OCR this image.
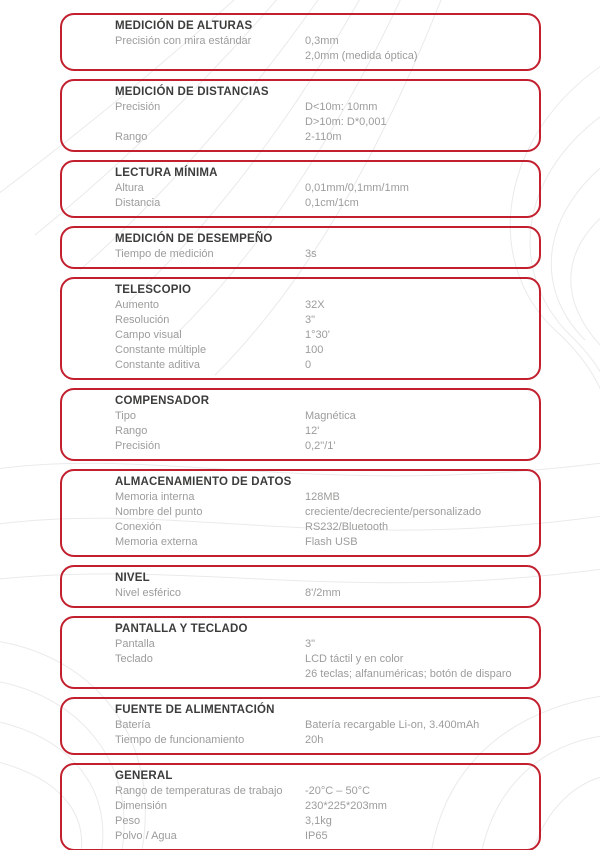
MEDICIÓN DE ALTURAS
Precisión con mira estándar	0,3mm
2,0mm (medida óptica)
MEDICIÓN DE DISTANCIAS
Precisión	D<10m: 10mm
D>10m: D*0,001
Rango	2-110m
LECTURA MÍNIMA
Altura	0,01mm/0,1mm/1mm
Distancia	0,1cm/1cm
MEDICIÓN DE DESEMPEÑO
Tiempo de medición	3s
TELESCOPIO
Aumento	32X
Resolución	3"
Campo visual	1°30'
Constante múltiple	100
Constante aditiva	0
COMPENSADOR
Tipo	Magnética
Rango	12'
Precisión	0,2"/1'
ALMACENAMIENTO DE DATOS
Memoria interna	128MB
Nombre del punto	creciente/decreciente/personalizado
Conexión	RS232/Bluetooth
Memoria externa	Flash USB
NIVEL
Nivel esférico	8'/2mm
PANTALLA Y TECLADO
Pantalla	3"
Teclado	LCD táctil y en color
26 teclas; alfanuméricas; botón de disparo
FUENTE DE ALIMENTACIÓN
Batería	Batería recargable Li-on, 3.400mAh
Tiempo de funcionamiento	20h
GENERAL
Rango de temperaturas de trabajo	-20°C – 50°C
Dimensión	230*225*203mm
Peso	3,1kg
Polvo / Agua	IP65
